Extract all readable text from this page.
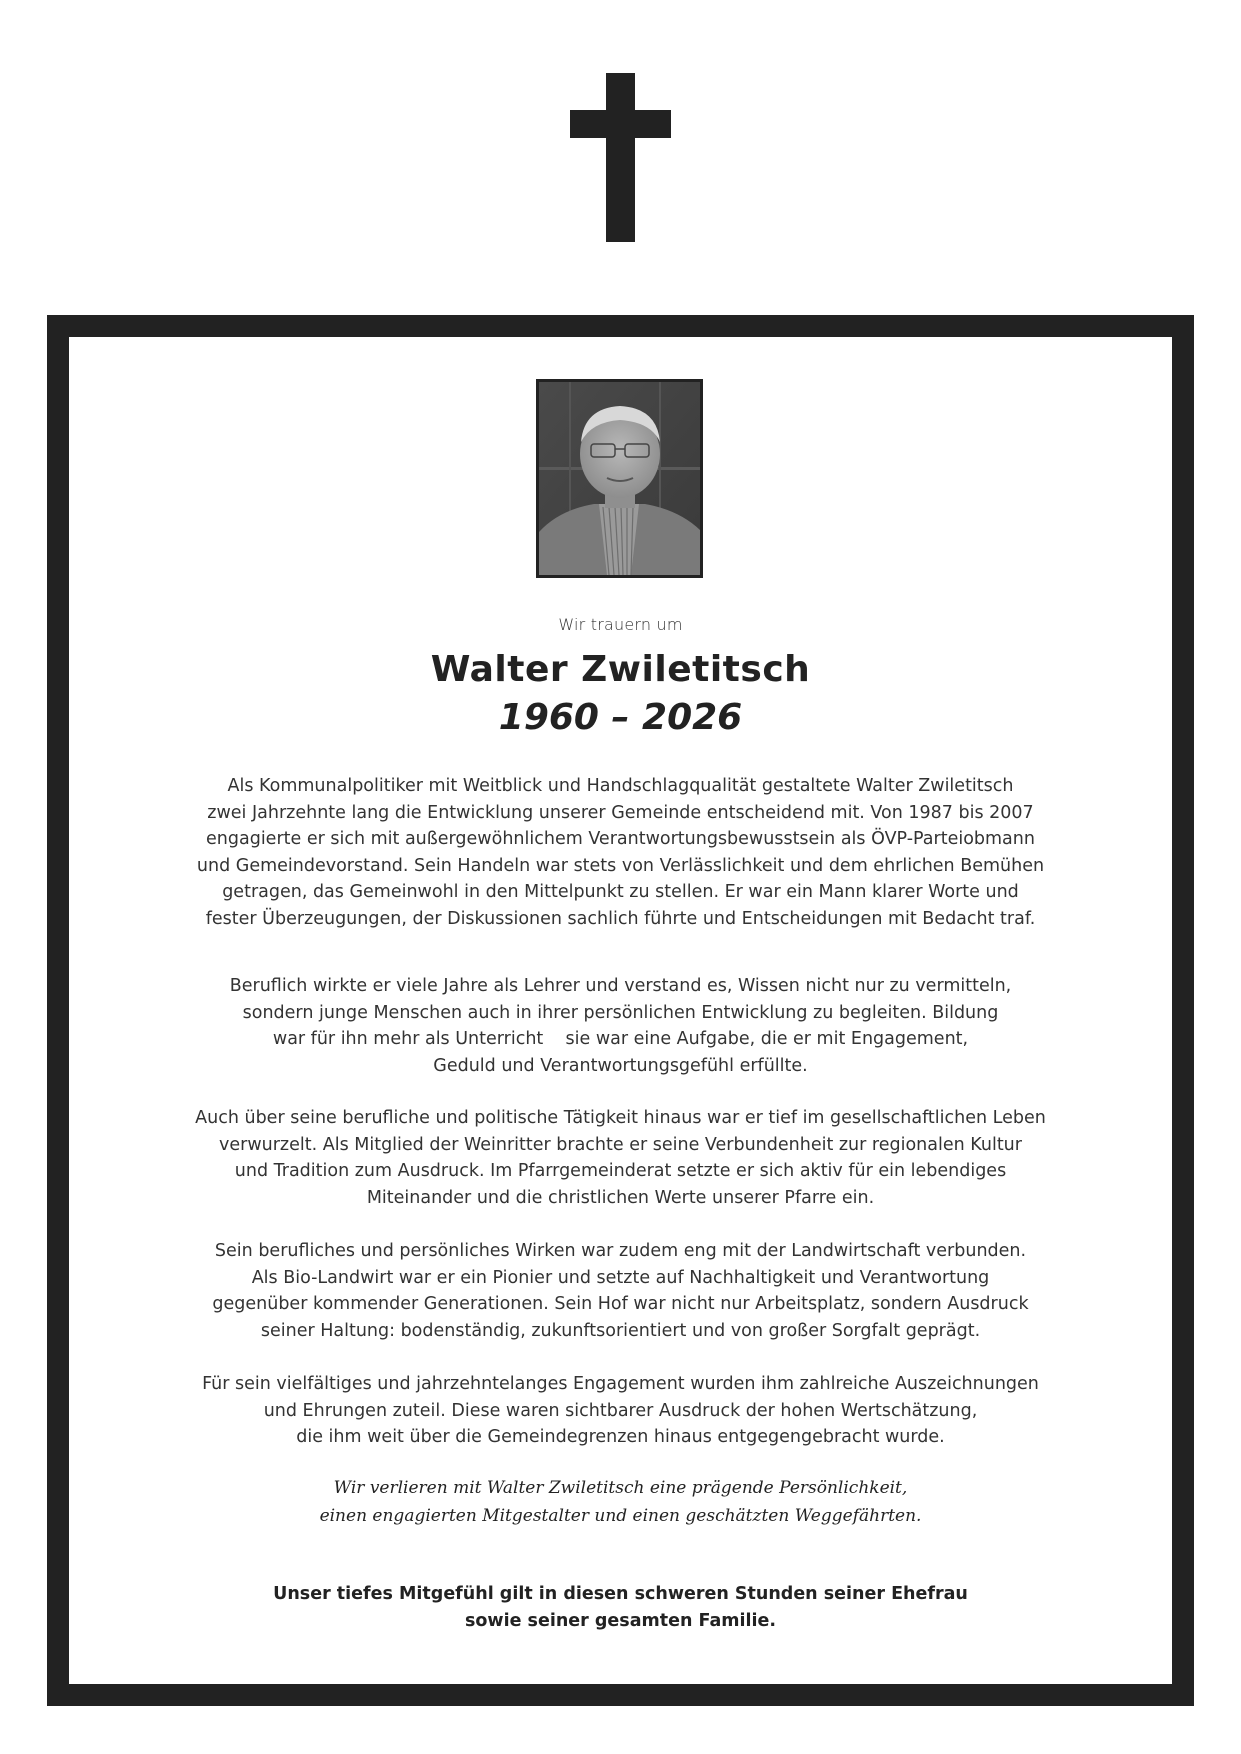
Wir trauern um
Walter Zwiletitsch
1960 – 2026
Als Kommunalpolitiker mit Weitblick und Handschlagqualität gestaltete Walter Zwiletitsch
zwei Jahrzehnte lang die Entwicklung unserer Gemeinde entscheidend mit. Von 1987 bis 2007
engagierte er sich mit außergewöhnlichem Verantwortungsbewusstsein als ÖVP-Parteiobmann
und Gemeindevorstand. Sein Handeln war stets von Verlässlichkeit und dem ehrlichen Bemühen
getragen, das Gemeinwohl in den Mittelpunkt zu stellen. Er war ein Mann klarer Worte und
fester Überzeugungen, der Diskussionen sachlich führte und Entscheidungen mit Bedacht traf.
Beruflich wirkte er viele Jahre als Lehrer und verstand es, Wissen nicht nur zu vermitteln,
sondern junge Menschen auch in ihrer persönlichen Entwicklung zu begleiten. Bildung
war für ihn mehr als Unterricht    sie war eine Aufgabe, die er mit Engagement,
Geduld und Verantwortungsgefühl erfüllte.
Auch über seine berufliche und politische Tätigkeit hinaus war er tief im gesellschaftlichen Leben
verwurzelt. Als Mitglied der Weinritter brachte er seine Verbundenheit zur regionalen Kultur
und Tradition zum Ausdruck. Im Pfarrgemeinderat setzte er sich aktiv für ein lebendiges
Miteinander und die christlichen Werte unserer Pfarre ein.
Sein berufliches und persönliches Wirken war zudem eng mit der Landwirtschaft verbunden.
Als Bio-Landwirt war er ein Pionier und setzte auf Nachhaltigkeit und Verantwortung
gegenüber kommender Generationen. Sein Hof war nicht nur Arbeitsplatz, sondern Ausdruck
seiner Haltung: bodenständig, zukunftsorientiert und von großer Sorgfalt geprägt.
Für sein vielfältiges und jahrzehntelanges Engagement wurden ihm zahlreiche Auszeichnungen
und Ehrungen zuteil. Diese waren sichtbarer Ausdruck der hohen Wertschätzung,
die ihm weit über die Gemeindegrenzen hinaus entgegengebracht wurde.
Wir verlieren mit Walter Zwiletitsch eine prägende Persönlichkeit,
einen engagierten Mitgestalter und einen geschätzten Weggefährten.
Unser tiefes Mitgefühl gilt in diesen schweren Stunden seiner Ehefrau
sowie seiner gesamten Familie.
